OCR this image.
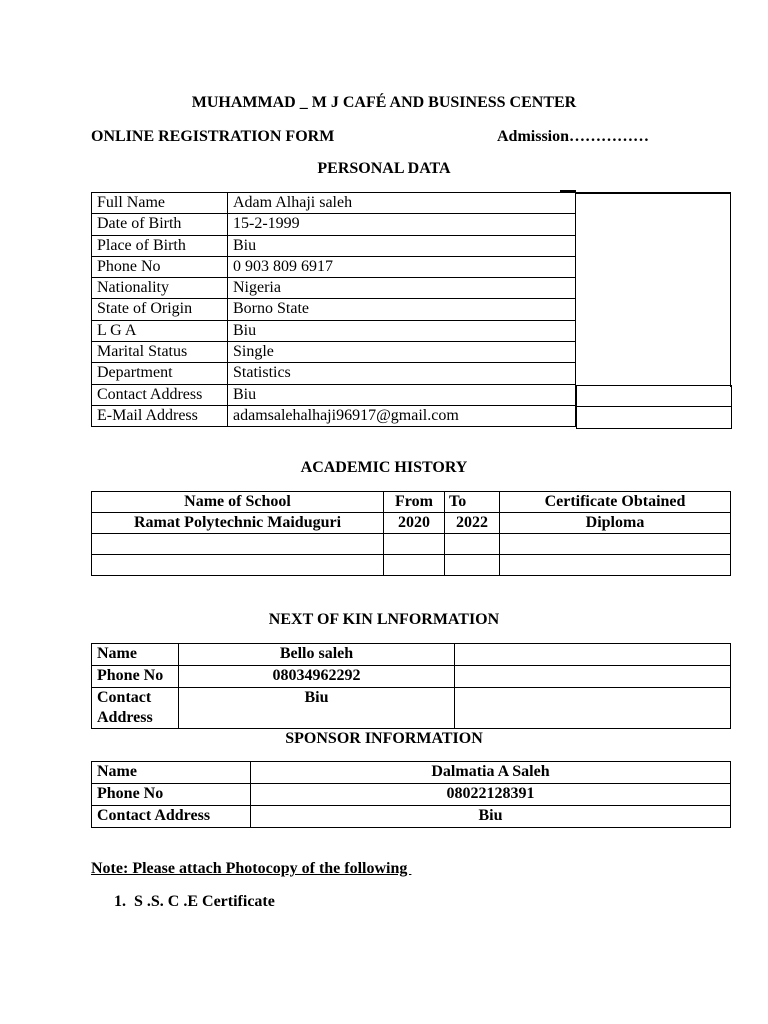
MUHAMMAD _ M J CAFÉ AND BUSINESS CENTER
ONLINE REGISTRATION FORM	Admission……………
PERSONAL DATA
Full Name	Adam Alhaji saleh
Date of Birth	15-2-1999
Place of Birth	Biu
Phone No	0 903 809 6917
Nationality	Nigeria
State of Origin	Borno State
L G A	Biu
Marital Status	Single
Department	Statistics
Contact Address	Biu
E-Mail Address	adamsalehalhaji96917@gmail.com

ACADEMIC HISTORY
Name of School	From	To	Certificate Obtained
Ramat Polytechnic Maiduguri	2020	2022	Diploma

NEXT OF KIN LNFORMATION
Name	Bello saleh	
Phone No	08034962292	
Contact Address	Biu	
SPONSOR INFORMATION
Name	Dalmatia A Saleh
Phone No	08022128391
Contact Address	Biu
Note: Please attach Photocopy of the following
1. S .S. C .E Certificate
